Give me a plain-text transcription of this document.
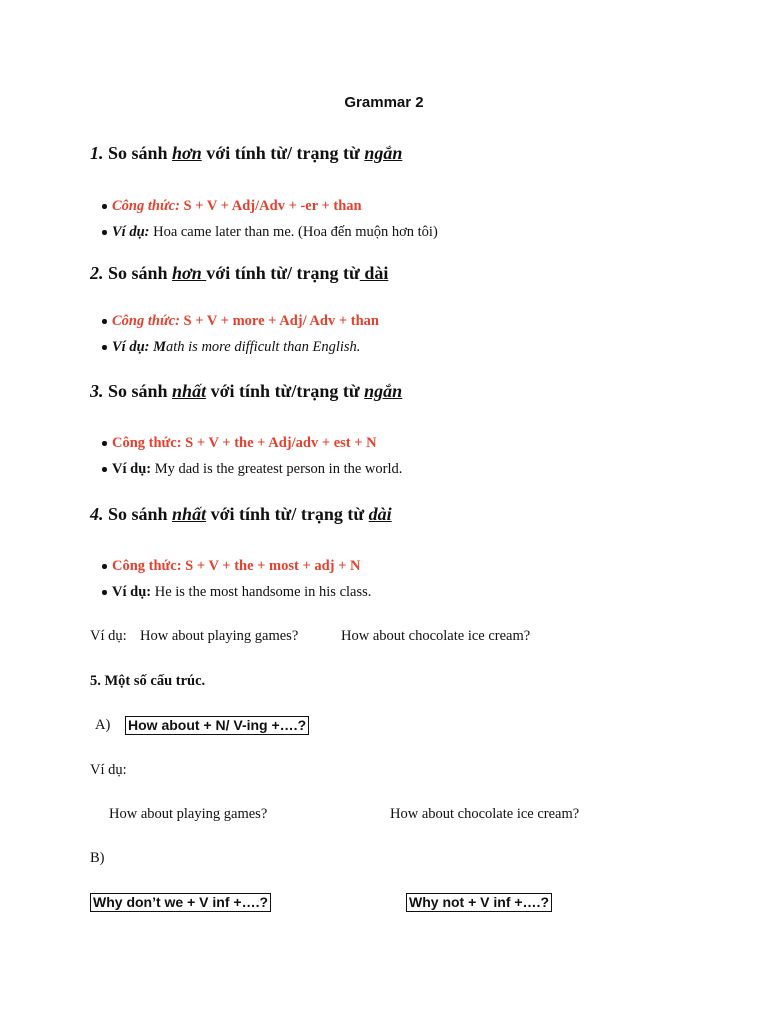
Grammar 2
1. So sánh hơn với tính từ/ trạng từ ngắn
Công thức: S + V + Adj/Adv + -er + than
Ví dụ: Hoa came later than me. (Hoa đến muộn hơn tôi)
2. So sánh hơn với tính từ/ trạng từ dài
Công thức: S + V + more + Adj/ Adv + than
Ví dụ: Math is more difficult than English.
3. So sánh nhất với tính từ/trạng từ ngắn
Công thức: S + V + the + Adj/adv + est + N
Ví dụ: My dad is the greatest person in the world.
4. So sánh nhất với tính từ/ trạng từ dài
Công thức: S + V + the + most + adj + N
Ví dụ: He is the most handsome in his class.
Ví dụ: How about playing games?	How about chocolate ice cream?
5. Một số cấu trúc.
A) How about + N/ V-ing +….?
Ví dụ:
How about playing games?	How about chocolate ice cream?
B)
Why don’t we + V inf +….?	Why not + V inf +….?
